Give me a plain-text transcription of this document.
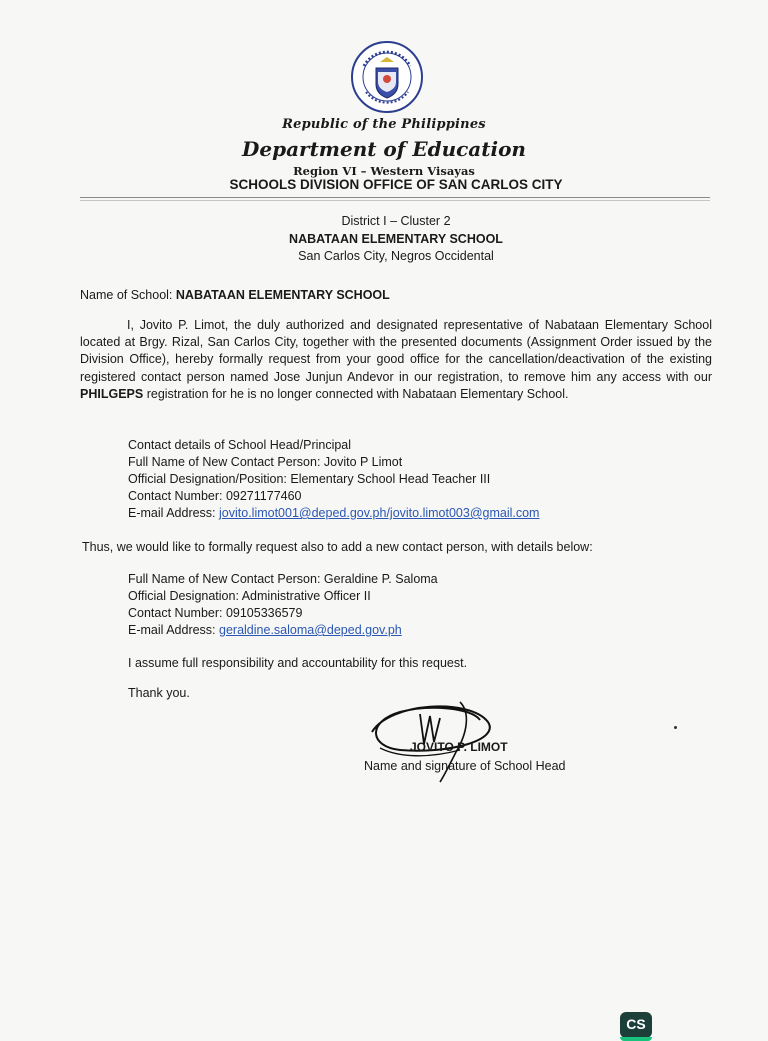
Republic of the Philippines
Department of Education
Region VI – Western Visayas
SCHOOLS DIVISION OFFICE OF SAN CARLOS CITY
District I – Cluster 2
NABATAAN ELEMENTARY SCHOOL
San Carlos City, Negros Occidental
Name of School: NABATAAN ELEMENTARY SCHOOL
I, Jovito P. Limot, the duly authorized and designated representative of Nabataan Elementary School located at Brgy. Rizal, San Carlos City, together with the presented documents (Assignment Order issued by the Division Office), hereby formally request from your good office for the cancellation/deactivation of the existing registered contact person named Jose Junjun Andevor in our registration, to remove him any access with our PHILGEPS registration for he is no longer connected with Nabataan Elementary School.
Contact details of School Head/Principal
Full Name of New Contact Person: Jovito P Limot
Official Designation/Position: Elementary School Head Teacher III
Contact Number: 09271177460
E-mail Address: jovito.limot001@deped.gov.ph/jovito.limot003@gmail.com
Thus, we would like to formally request also to add a new contact person, with details below:
Full Name of New Contact Person: Geraldine P. Saloma
Official Designation: Administrative Officer II
Contact Number: 09105336579
E-mail Address: geraldine.saloma@deped.gov.ph
I assume full responsibility and accountability for this request.
Thank you.
JOVITO P. LIMOT
Name and signature of School Head
CS
